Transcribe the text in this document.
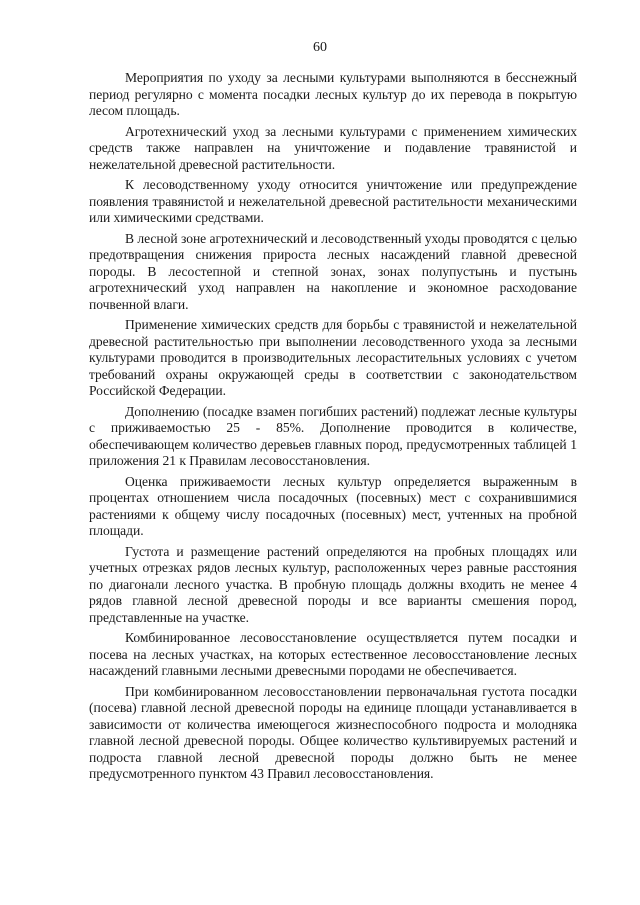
60

Мероприятия по уходу за лесными культурами выполняются в бесснежный период регулярно с момента посадки лесных культур до их перевода в покрытую лесом площадь.

Агротехнический уход за лесными культурами с применением химических средств также направлен на уничтожение и подавление травянистой и нежелательной древесной растительности.

К лесоводственному уходу относится уничтожение или предупреждение появления травянистой и нежелательной древесной растительности механическими или химическими средствами.

В лесной зоне агротехнический и лесоводственный уходы проводятся с целью предотвращения снижения прироста лесных насаждений главной древесной породы. В лесостепной и степной зонах, зонах полупустынь и пустынь агротехнический уход направлен на накопление и экономное расходование почвенной влаги.

Применение химических средств для борьбы с травянистой и нежелательной древесной растительностью при выполнении лесоводственного ухода за лесными культурами проводится в производительных лесорастительных условиях с учетом требований охраны окружающей среды в соответствии с законодательством Российской Федерации.

Дополнению (посадке взамен погибших растений) подлежат лесные культуры с приживаемостью 25 - 85%. Дополнение проводится в количестве, обеспечивающем количество деревьев главных пород, предусмотренных таблицей 1 приложения 21 к Правилам лесовосстановления.

Оценка приживаемости лесных культур определяется выраженным в процентах отношением числа посадочных (посевных) мест с сохранившимися растениями к общему числу посадочных (посевных) мест, учтенных на пробной площади.

Густота и размещение растений определяются на пробных площадях или учетных отрезках рядов лесных культур, расположенных через равные расстояния по диагонали лесного участка. В пробную площадь должны входить не менее 4 рядов главной лесной древесной породы и все варианты смешения пород, представленные на участке.

Комбинированное лесовосстановление осуществляется путем посадки и посева на лесных участках, на которых естественное лесовосстановление лесных насаждений главными лесными древесными породами не обеспечивается.

При комбинированном лесовосстановлении первоначальная густота посадки (посева) главной лесной древесной породы на единице площади устанавливается в зависимости от количества имеющегося жизнеспособного подроста и молодняка главной лесной древесной породы. Общее количество культивируемых растений и подроста главной лесной древесной породы должно быть не менее предусмотренного пунктом 43 Правил лесовосстановления.
